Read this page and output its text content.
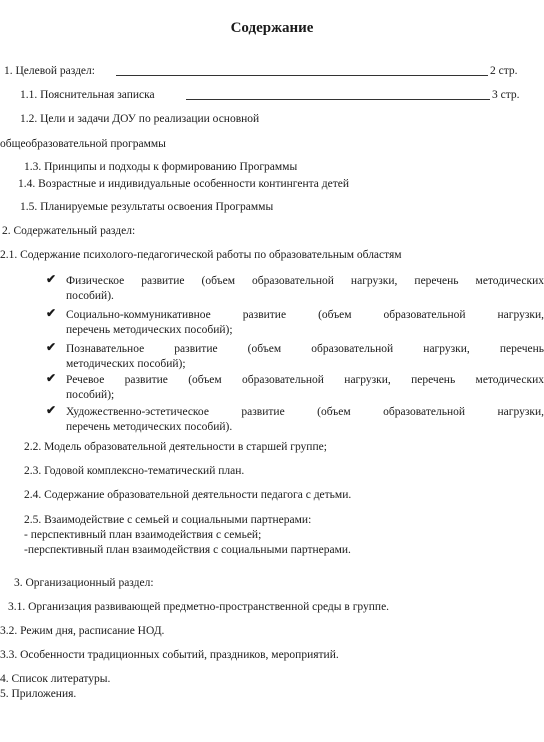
Содержание
1. Целевой раздел:	2 стр.
1.1. Пояснительная записка	3 стр.
1.2. Цели и задачи ДОУ по реализации основной
общеобразовательной программы
1.3. Принципы и подходы к формированию Программы
1.4. Возрастные и индивидуальные особенности контингента детей
1.5. Планируемые результаты освоения Программы
2. Содержательный раздел:
2.1. Содержание психолого-педагогической работы по образовательным областям
✔ Физическое развитие (объем образовательной нагрузки, перечень методических
пособий).
✔ Социально-коммуникативное развитие (объем образовательной нагрузки,
перечень методических пособий);
✔ Познавательное развитие (объем образовательной нагрузки, перечень
методических пособий);
✔ Речевое развитие (объем образовательной нагрузки, перечень методических
пособий);
✔ Художественно-эстетическое развитие (объем образовательной нагрузки,
перечень методических пособий).
2.2. Модель образовательной деятельности в старшей группе;
2.3. Годовой комплексно-тематический план.
2.4. Содержание образовательной деятельности педагога с детьми.
2.5. Взаимодействие с семьей и социальными партнерами:
- перспективный план взаимодействия с семьей;
-перспективный план взаимодействия с социальными партнерами.
3. Организационный раздел:
3.1. Организация развивающей предметно-пространственной среды в группе.
3.2. Режим дня, расписание НОД.
3.3. Особенности традиционных событий, праздников, мероприятий.
4. Список литературы.
5. Приложения.
